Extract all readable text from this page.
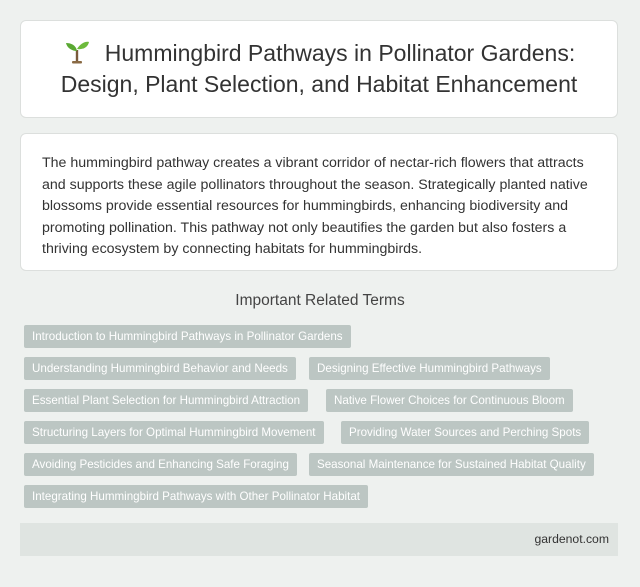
Hummingbird Pathways in Pollinator Gardens: Design, Plant Selection, and Habitat Enhancement

The hummingbird pathway creates a vibrant corridor of nectar-rich flowers that attracts and supports these agile pollinators throughout the season. Strategically planted native blossoms provide essential resources for hummingbirds, enhancing biodiversity and promoting pollination. This pathway not only beautifies the garden but also fosters a thriving ecosystem by connecting habitats for hummingbirds.

Important Related Terms
Introduction to Hummingbird Pathways in Pollinator Gardens
Understanding Hummingbird Behavior and Needs	Designing Effective Hummingbird Pathways
Essential Plant Selection for Hummingbird Attraction	Native Flower Choices for Continuous Bloom
Structuring Layers for Optimal Hummingbird Movement	Providing Water Sources and Perching Spots
Avoiding Pesticides and Enhancing Safe Foraging	Seasonal Maintenance for Sustained Habitat Quality
Integrating Hummingbird Pathways with Other Pollinator Habitat
gardenot.com
